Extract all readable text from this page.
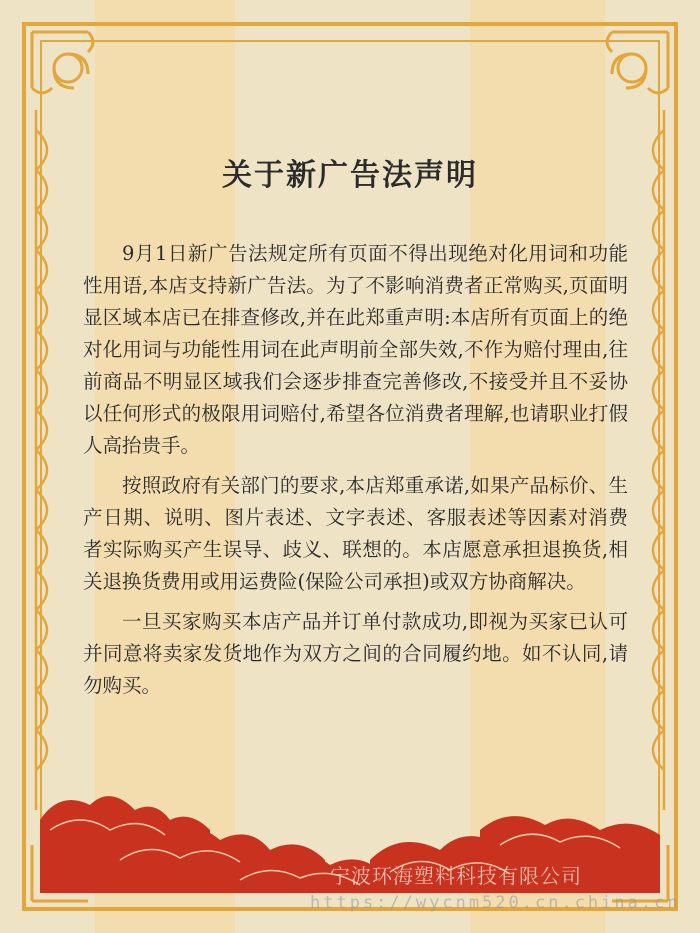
关于新广告法声明

9月1日新广告法规定所有页面不得出现绝对化用词和功能性用语,本店支持新广告法。为了不影响消费者正常购买,页面明显区域本店已在排查修改,并在此郑重声明:本店所有页面上的绝对化用词与功能性用词在此声明前全部失效,不作为赔付理由,往前商品不明显区域我们会逐步排查完善修改,不接受并且不妥协以任何形式的极限用词赔付,希望各位消费者理解,也请职业打假人高抬贵手。

按照政府有关部门的要求,本店郑重承诺,如果产品标价、生产日期、说明、图片表述、文字表述、客服表述等因素对消费者实际购买产生误导、歧义、联想的。本店愿意承担退换货,相关退换货费用或用运费险(保险公司承担)或双方协商解决。

一旦买家购买本店产品并订单付款成功,即视为买家已认可并同意将卖家发货地作为双方之间的合同履约地。如不认同,请勿购买。

宁波环海塑料科技有限公司
https://wycnm520.cn.china.cn
